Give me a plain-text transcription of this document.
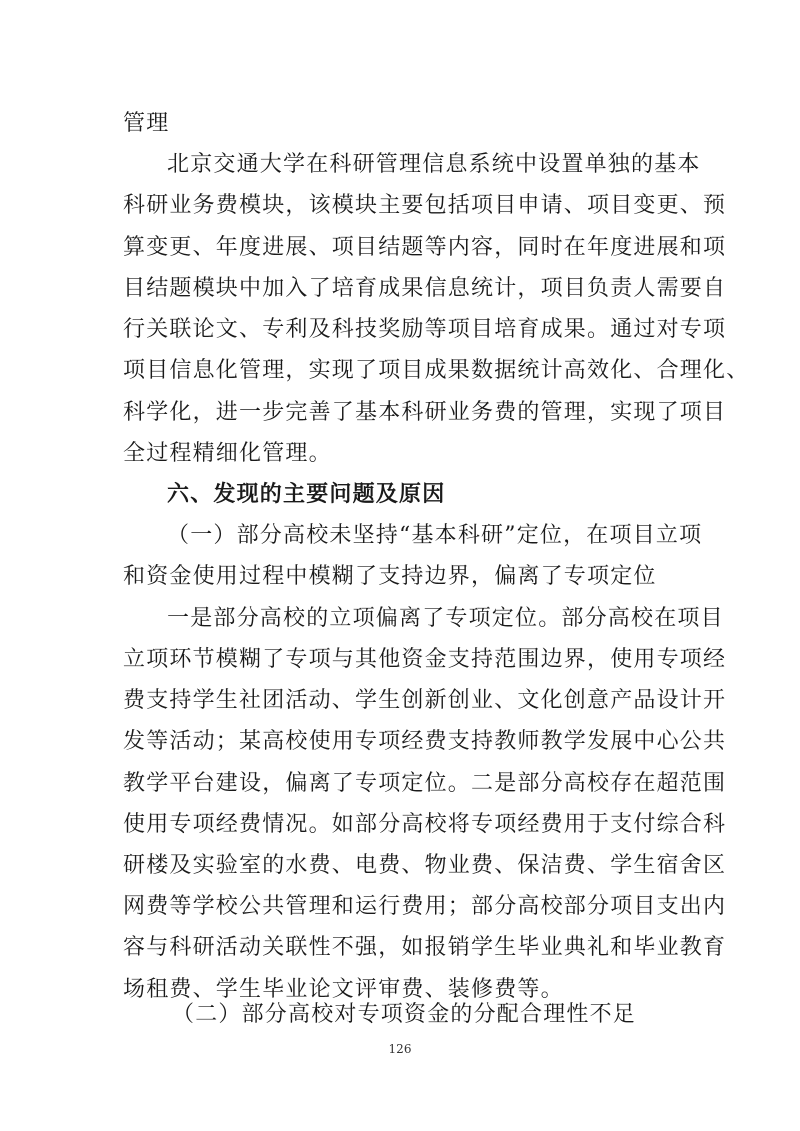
管理
北京交通大学在科研管理信息系统中设置单独的基本
科研业务费模块，该模块主要包括项目申请、项目变更、预
算变更、年度进展、项目结题等内容，同时在年度进展和项
目结题模块中加入了培育成果信息统计，项目负责人需要自
行关联论文、专利及科技奖励等项目培育成果。通过对专项
项目信息化管理，实现了项目成果数据统计高效化、合理化、
科学化，进一步完善了基本科研业务费的管理，实现了项目
全过程精细化管理。
六、发现的主要问题及原因
（一）部分高校未坚持“基本科研”定位，在项目立项
和资金使用过程中模糊了支持边界，偏离了专项定位
一是部分高校的立项偏离了专项定位。部分高校在项目
立项环节模糊了专项与其他资金支持范围边界，使用专项经
费支持学生社团活动、学生创新创业、文化创意产品设计开
发等活动；某高校使用专项经费支持教师教学发展中心公共
教学平台建设，偏离了专项定位。二是部分高校存在超范围
使用专项经费情况。如部分高校将专项经费用于支付综合科
研楼及实验室的水费、电费、物业费、保洁费、学生宿舍区
网费等学校公共管理和运行费用；部分高校部分项目支出内
容与科研活动关联性不强，如报销学生毕业典礼和毕业教育
场租费、学生毕业论文评审费、装修费等。
（二）部分高校对专项资金的分配合理性不足
126
